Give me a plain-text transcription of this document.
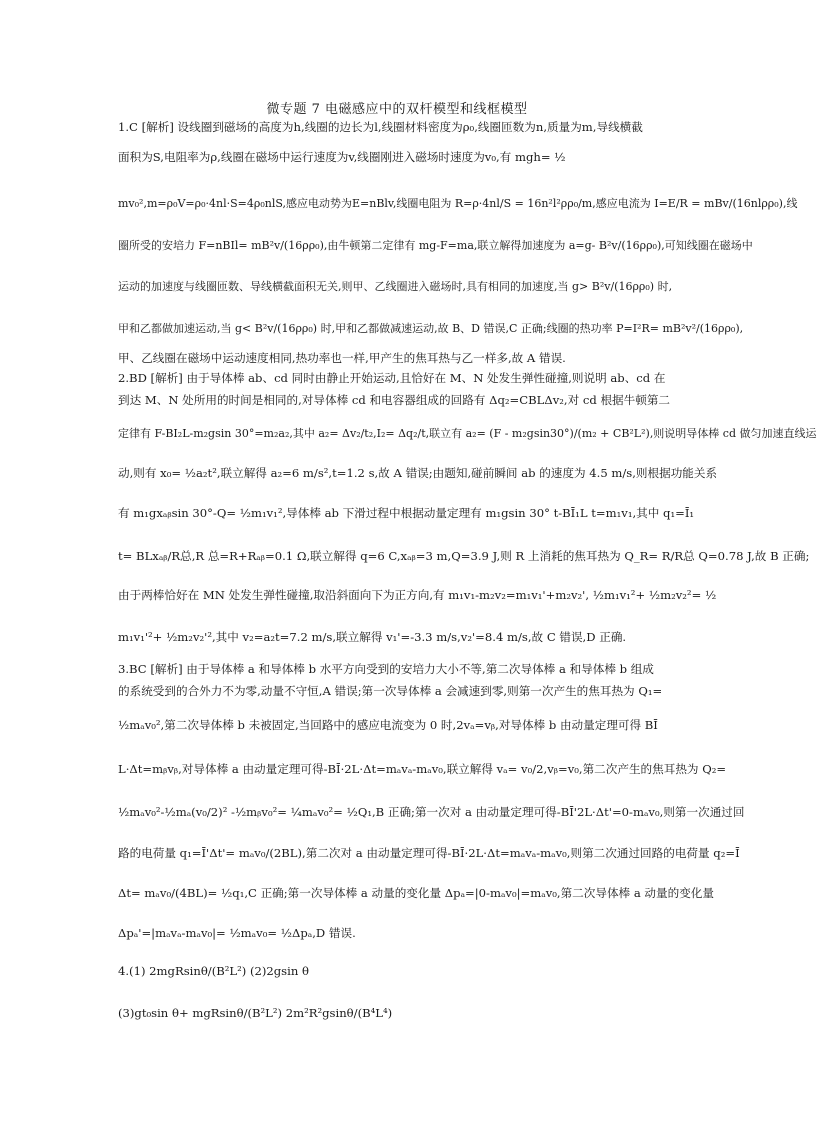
微专题 7 电磁感应中的双杆模型和线框模型
1.C [解析] 设线圈到磁场的高度为h,线圈的边长为l,线圈材料密度为ρ₀,线圈匝数为n,质量为m,导线横截
面积为S,电阻率为ρ,线圈在磁场中运行速度为v,线圈刚进入磁场时速度为v₀,有 mgh= ½
mv₀²,m=ρ₀V=ρ₀·4nl·S=4ρ₀nlS,感应电动势为E=nBlv,线圈电阻为 R=ρ·4nl/S = 16n²l²ρρ₀/m,感应电流为 I=E/R = mBv/(16nlρρ₀),线
圈所受的安培力 F=nBIl= mB²v/(16ρρ₀),由牛顿第二定律有 mg-F=ma,联立解得加速度为 a=g- B²v/(16ρρ₀),可知线圈在磁场中
运动的加速度与线圈匝数、导线横截面积无关,则甲、乙线圈进入磁场时,具有相同的加速度,当 g> B²v/(16ρρ₀) 时,
甲和乙都做加速运动,当 g< B²v/(16ρρ₀) 时,甲和乙都做减速运动,故 B、D 错误,C 正确;线圈的热功率 P=I²R= mB²v²/(16ρρ₀),
甲、乙线圈在磁场中运动速度相同,热功率也一样,甲产生的焦耳热与乙一样多,故 A 错误.
2.BD [解析] 由于导体棒 ab、cd 同时由静止开始运动,且恰好在 M、N 处发生弹性碰撞,则说明 ab、cd 在
到达 M、N 处所用的时间是相同的,对导体棒 cd 和电容器组成的回路有 Δq₂=CBLΔv₂,对 cd 根据牛顿第二
定律有 F-BI₂L-m₂gsin 30°=m₂a₂,其中 a₂= Δv₂/t₂,I₂= Δq₂/t,联立有 a₂= (F - m₂gsin30°)/(m₂ + CB²L²),则说明导体棒 cd 做匀加速直线运
动,则有 x₀= ½a₂t²,联立解得 a₂=6 m/s²,t=1.2 s,故 A 错误;由题知,碰前瞬间 ab 的速度为 4.5 m/s,则根据功能关系
有 m₁gxₐᵦsin 30°-Q= ½m₁v₁²,导体棒 ab 下滑过程中根据动量定理有 m₁gsin 30° t-BĪ₁L t=m₁v₁,其中 q₁=Ī₁
t= BLxₐᵦ/R总,R 总=R+Rₐᵦ=0.1 Ω,联立解得 q=6 C,xₐᵦ=3 m,Q=3.9 J,则 R 上消耗的焦耳热为 Q_R= R/R总 Q=0.78 J,故 B 正确;
由于两棒恰好在 MN 处发生弹性碰撞,取沿斜面向下为正方向,有 m₁v₁-m₂v₂=m₁v₁'+m₂v₂', ½m₁v₁²+ ½m₂v₂²= ½
m₁v₁'²+ ½m₂v₂'²,其中 v₂=a₂t=7.2 m/s,联立解得 v₁'=-3.3 m/s,v₂'=8.4 m/s,故 C 错误,D 正确.
3.BC [解析] 由于导体棒 a 和导体棒 b 水平方向受到的安培力大小不等,第二次导体棒 a 和导体棒 b 组成
的系统受到的合外力不为零,动量不守恒,A 错误;第一次导体棒 a 会减速到零,则第一次产生的焦耳热为 Q₁=
½mₐv₀²,第二次导体棒 b 未被固定,当回路中的感应电流变为 0 时,2vₐ=vᵦ,对导体棒 b 由动量定理可得 BĪ
L·Δt=mᵦvᵦ,对导体棒 a 由动量定理可得-BĪ·2L·Δt=mₐvₐ-mₐv₀,联立解得 vₐ= v₀/2,vᵦ=v₀,第二次产生的焦耳热为 Q₂=
½mₐv₀²-½mₐ(v₀/2)² -½mᵦv₀²= ¼mₐv₀²= ½Q₁,B 正确;第一次对 a 由动量定理可得-BĪ'2L·Δt'=0-mₐv₀,则第一次通过回
路的电荷量 q₁=Ī'Δt'= mₐv₀/(2BL),第二次对 a 由动量定理可得-BĪ·2L·Δt=mₐvₐ-mₐv₀,则第二次通过回路的电荷量 q₂=Ī
Δt= mₐv₀/(4BL)= ½q₁,C 正确;第一次导体棒 a 动量的变化量 Δpₐ=|0-mₐv₀|=mₐv₀,第二次导体棒 a 动量的变化量
Δpₐ'=|mₐvₐ-mₐv₀|= ½mₐv₀= ½Δpₐ,D 错误.
4.(1) 2mgRsinθ/(B²L²) (2)2gsin θ
(3)gt₀sin θ+ mgRsinθ/(B²L²) 2m²R²gsinθ/(B⁴L⁴)
